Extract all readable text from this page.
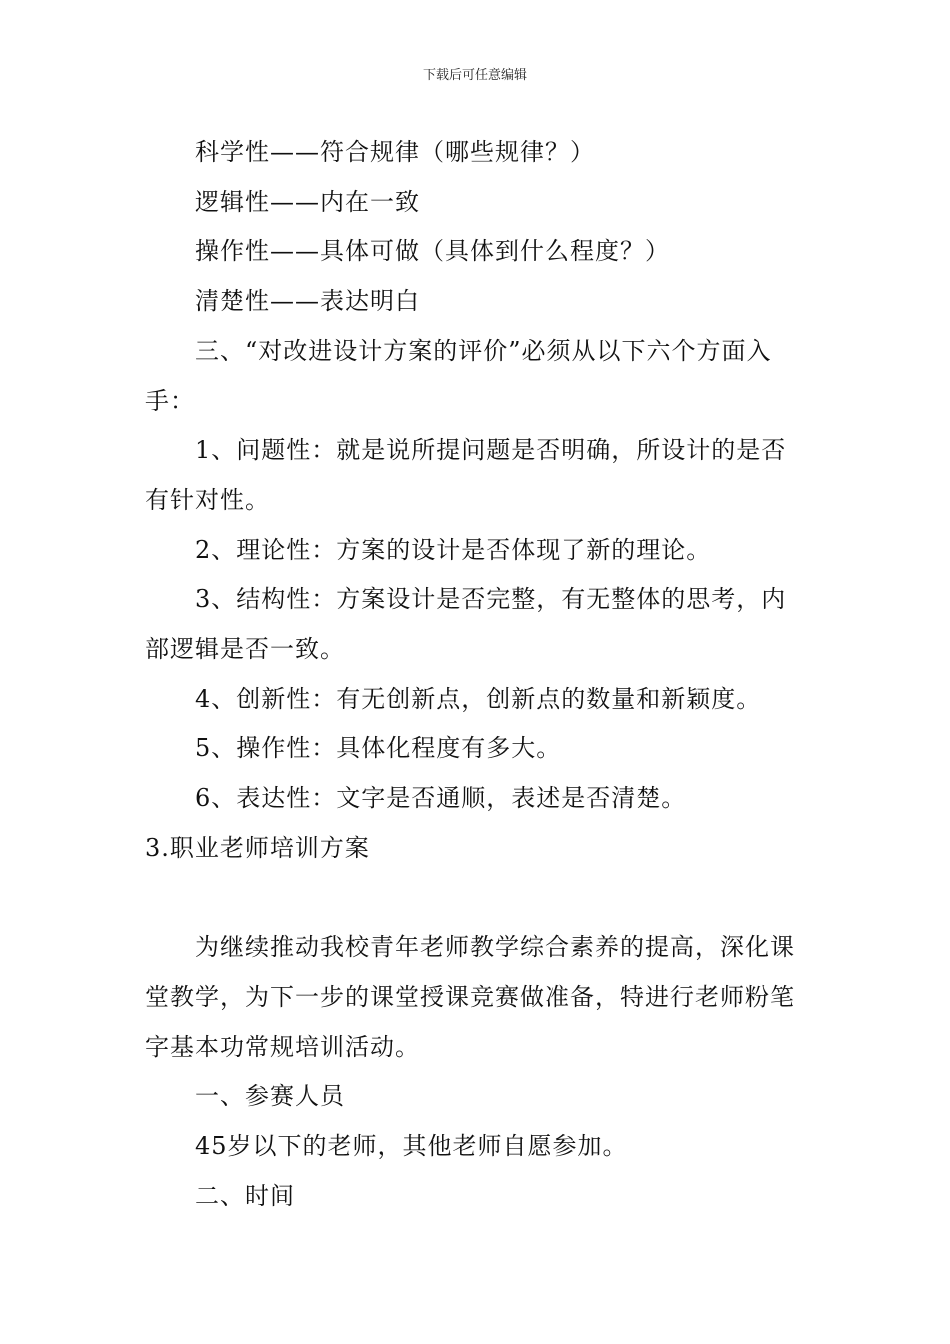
下载后可任意编辑

科学性——符合规律（哪些规律？）

逻辑性——内在一致

操作性——具体可做（具体到什么程度？）

清楚性——表达明白

三、“对改进设计方案的评价”必须从以下六个方面入手：

1、问题性：就是说所提问题是否明确，所设计的是否有针对性。

2、理论性：方案的设计是否体现了新的理论。

3、结构性：方案设计是否完整，有无整体的思考，内部逻辑是否一致。

4、创新性：有无创新点，创新点的数量和新颖度。

5、操作性：具体化程度有多大。

6、表达性：文字是否通顺，表述是否清楚。

3.职业老师培训方案

为继续推动我校青年老师教学综合素养的提高，深化课堂教学，为下一步的课堂授课竞赛做准备，特进行老师粉笔字基本功常规培训活动。

一、参赛人员

45岁以下的老师，其他老师自愿参加。

二、时间
